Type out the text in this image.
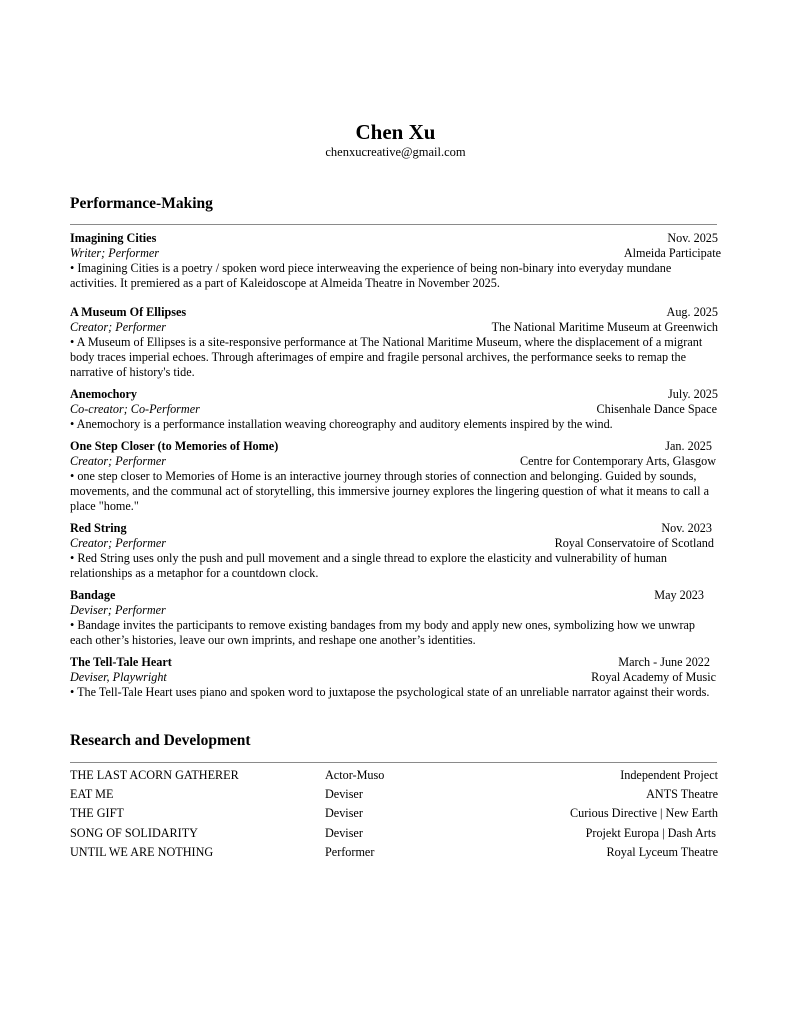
Chen Xu
chenxucreative@gmail.com
Performance-Making
Imagining Cities	Nov. 2025
Writer; Performer	Almeida Participate
• Imagining Cities is a poetry / spoken word piece interweaving the experience of being non-binary into everyday mundane activities. It premiered as a part of Kaleidoscope at Almeida Theatre in November 2025.
A Museum Of Ellipses	Aug. 2025
Creator; Performer	The National Maritime Museum at Greenwich
• A Museum of Ellipses is a site-responsive performance at The National Maritime Museum, where the displacement of a migrant body traces imperial echoes. Through afterimages of empire and fragile personal archives, the performance seeks to remap the narrative of history's tide.
Anemochory	July. 2025
Co-creator; Co-Performer	Chisenhale Dance Space
• Anemochory is a performance installation weaving choreography and auditory elements inspired by the wind.
One Step Closer (to Memories of Home)	Jan. 2025
Creator; Performer	Centre for Contemporary Arts, Glasgow
• one step closer to Memories of Home is an interactive journey through stories of connection and belonging. Guided by sounds, movements, and the communal act of storytelling, this immersive journey explores the lingering question of what it means to call a place "home."
Red String	Nov. 2023
Creator; Performer	Royal Conservatoire of Scotland
• Red String uses only the push and pull movement and a single thread to explore the elasticity and vulnerability of human relationships as a metaphor for a countdown clock.
Bandage	May 2023
Deviser; Performer
• Bandage invites the participants to remove existing bandages from my body and apply new ones, symbolizing how we unwrap each other’s histories, leave our own imprints, and reshape one another’s identities.
The Tell-Tale Heart	March - June 2022
Deviser, Playwright	Royal Academy of Music
• The Tell-Tale Heart uses piano and spoken word to juxtapose the psychological state of an unreliable narrator against their words.
Research and Development
THE LAST ACORN GATHERER	Actor-Muso	Independent Project
EAT ME	Deviser	ANTS Theatre
THE GIFT	Deviser	Curious Directive | New Earth
SONG OF SOLIDARITY	Deviser	Projekt Europa | Dash Arts
UNTIL WE ARE NOTHING	Performer	Royal Lyceum Theatre
